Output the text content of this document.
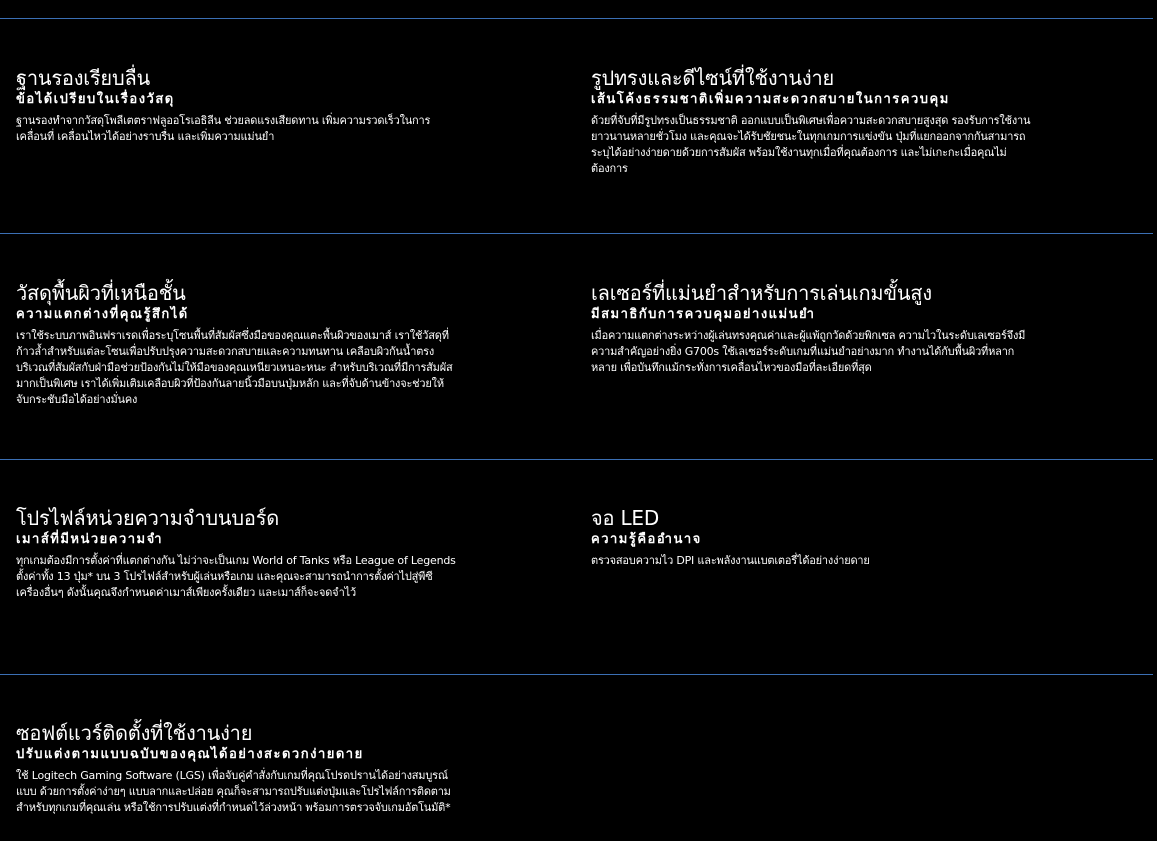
ฐานรองเรียบลื่น
ข้อได้เปรียบในเรื่องวัสดุ

ฐานรองทำจากวัสดุโพลีเตตราฟลูออโรเอธิลีน ช่วยลดแรงเสียดทาน เพิ่มความรวดเร็วในการเคลื่อนที่ เคลื่อนไหวได้อย่างราบรื่น และเพิ่มความแม่นยำ

รูปทรงและดีไซน์ที่ใช้งานง่าย
เส้นโค้งธรรมชาติเพิ่มความสะดวกสบายในการควบคุม

ด้วยที่จับที่มีรูปทรงเป็นธรรมชาติ ออกแบบเป็นพิเศษเพื่อความสะดวกสบายสูงสุด รองรับการใช้งานยาวนานหลายชั่วโมง และคุณจะได้รับชัยชนะในทุกเกมการแข่งขัน ปุ่มที่แยกออกจากกันสามารถระบุได้อย่างง่ายดายด้วยการสัมผัส พร้อมใช้งานทุกเมื่อที่คุณต้องการ และไม่เกะกะเมื่อคุณไม่ต้องการ

วัสดุพื้นผิวที่เหนือชั้น
ความแตกต่างที่คุณรู้สึกได้

เราใช้ระบบภาพอินฟราเรดเพื่อระบุโซนพื้นที่สัมผัสซึ่งมือของคุณแตะพื้นผิวของเมาส์ เราใช้วัสดุที่ก้าวล้ำสำหรับแต่ละโซนเพื่อปรับปรุงความสะดวกสบายและความทนทาน เคลือบผิวกันน้ำตรงบริเวณที่สัมผัสกับฝ่ามือช่วยป้องกันไม่ให้มือของคุณเหนียวเหนอะหนะ สำหรับบริเวณที่มีการสัมผัสมากเป็นพิเศษ เราได้เพิ่มเติมเคลือบผิวที่ป้องกันลายนิ้วมือบนปุ่มหลัก และที่จับด้านข้างจะช่วยให้จับกระชับมือได้อย่างมั่นคง

เลเซอร์ที่แม่นยำสำหรับการเล่นเกมขั้นสูง
มีสมาธิกับการควบคุมอย่างแม่นยำ

เมื่อความแตกต่างระหว่างผู้เล่นทรงคุณค่าและผู้แพ้ถูกวัดด้วยพิกเซล ความไวในระดับเลเซอร์จึงมีความสำคัญอย่างยิ่ง G700s ใช้เลเซอร์ระดับเกมที่แม่นยำอย่างมาก ทำงานได้กับพื้นผิวที่หลากหลาย เพื่อบันทึกแม้กระทั่งการเคลื่อนไหวของมือที่ละเอียดที่สุด

โปรไฟล์หน่วยความจำบนบอร์ด
เมาส์ที่มีหน่วยความจำ

ทุกเกมต้องมีการตั้งค่าที่แตกต่างกัน ไม่ว่าจะเป็นเกม World of Tanks หรือ League of Legends ตั้งค่าทั้ง 13 ปุ่ม* บน 3 โปรไฟล์สำหรับผู้เล่นหรือเกม และคุณจะสามารถนำการตั้งค่าไปสู่พีซีเครื่องอื่นๆ ดังนั้นคุณจึงกำหนดค่าเมาส์เพียงครั้งเดียว และเมาส์ก็จะจดจำไว้

จอ LED
ความรู้คืออำนาจ

ตรวจสอบความไว DPI และพลังงานแบตเตอรี่ได้อย่างง่ายดาย

ซอฟต์แวร์ติดตั้งที่ใช้งานง่าย
ปรับแต่งตามแบบฉบับของคุณได้อย่างสะดวกง่ายดาย

ใช้ Logitech Gaming Software (LGS) เพื่อจับคู่คำสั่งกับเกมที่คุณโปรดปรานได้อย่างสมบูรณ์แบบ ด้วยการตั้งค่าง่ายๆ แบบลากและปล่อย คุณก็จะสามารถปรับแต่งปุ่มและโปรไฟล์การติดตามสำหรับทุกเกมที่คุณเล่น หรือใช้การปรับแต่งที่กำหนดไว้ล่วงหน้า พร้อมการตรวจจับเกมอัตโนมัติ*
